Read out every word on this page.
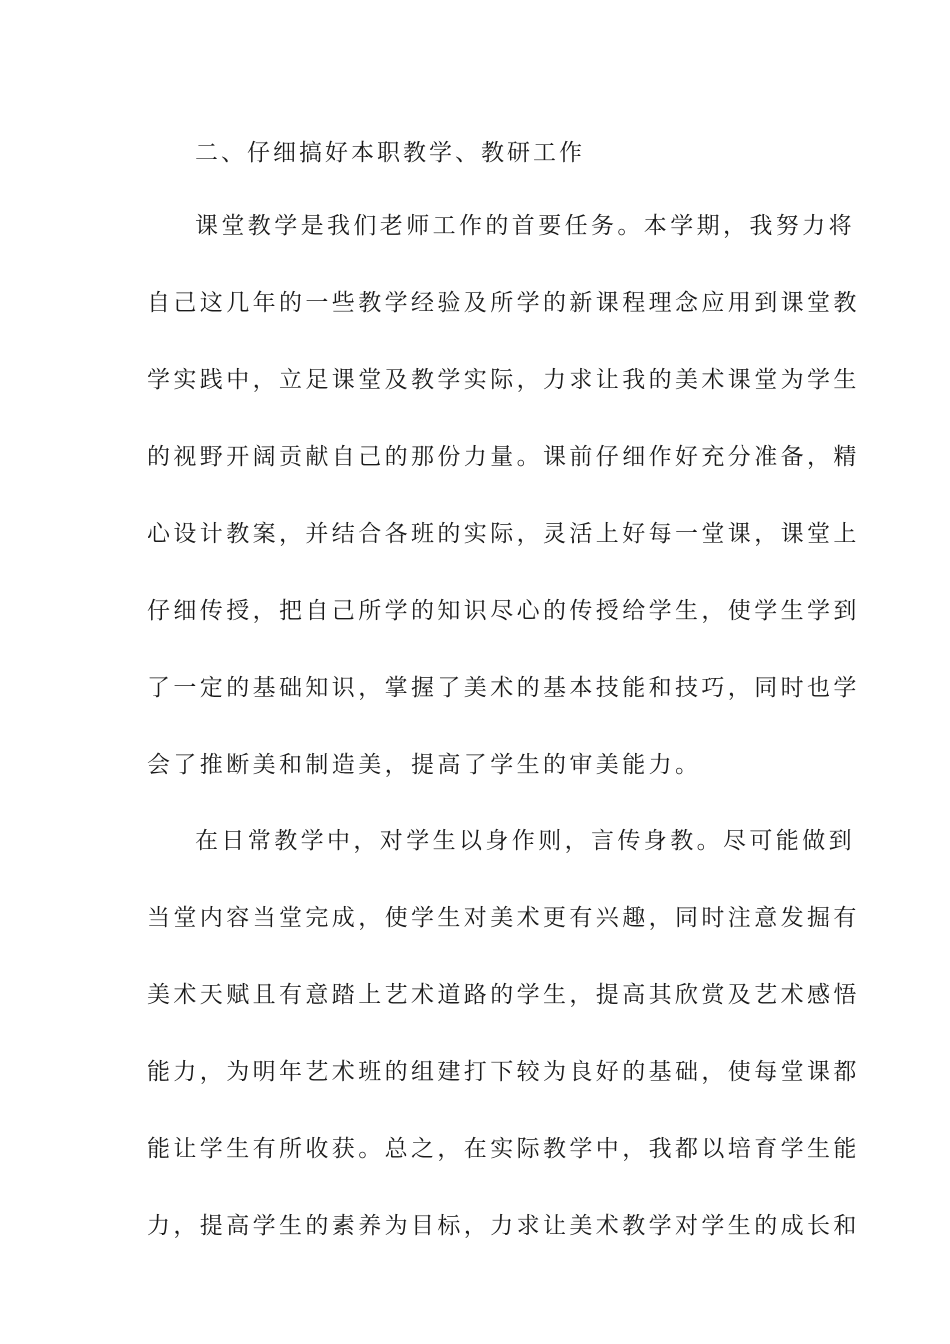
二、仔细搞好本职教学、教研工作
课堂教学是我们老师工作的首要任务。本学期，我努力将
自己这几年的一些教学经验及所学的新课程理念应用到课堂教
学实践中，立足课堂及教学实际，力求让我的美术课堂为学生
的视野开阔贡献自己的那份力量。课前仔细作好充分准备，精
心设计教案，并结合各班的实际，灵活上好每一堂课，课堂上
仔细传授，把自己所学的知识尽心的传授给学生，使学生学到
了一定的基础知识，掌握了美术的基本技能和技巧，同时也学
会了推断美和制造美，提高了学生的审美能力。
在日常教学中，对学生以身作则，言传身教。尽可能做到
当堂内容当堂完成，使学生对美术更有兴趣，同时注意发掘有
美术天赋且有意踏上艺术道路的学生，提高其欣赏及艺术感悟
能力，为明年艺术班的组建打下较为良好的基础，使每堂课都
能让学生有所收获。总之，在实际教学中，我都以培育学生能
力，提高学生的素养为目标，力求让美术教学对学生的成长和
